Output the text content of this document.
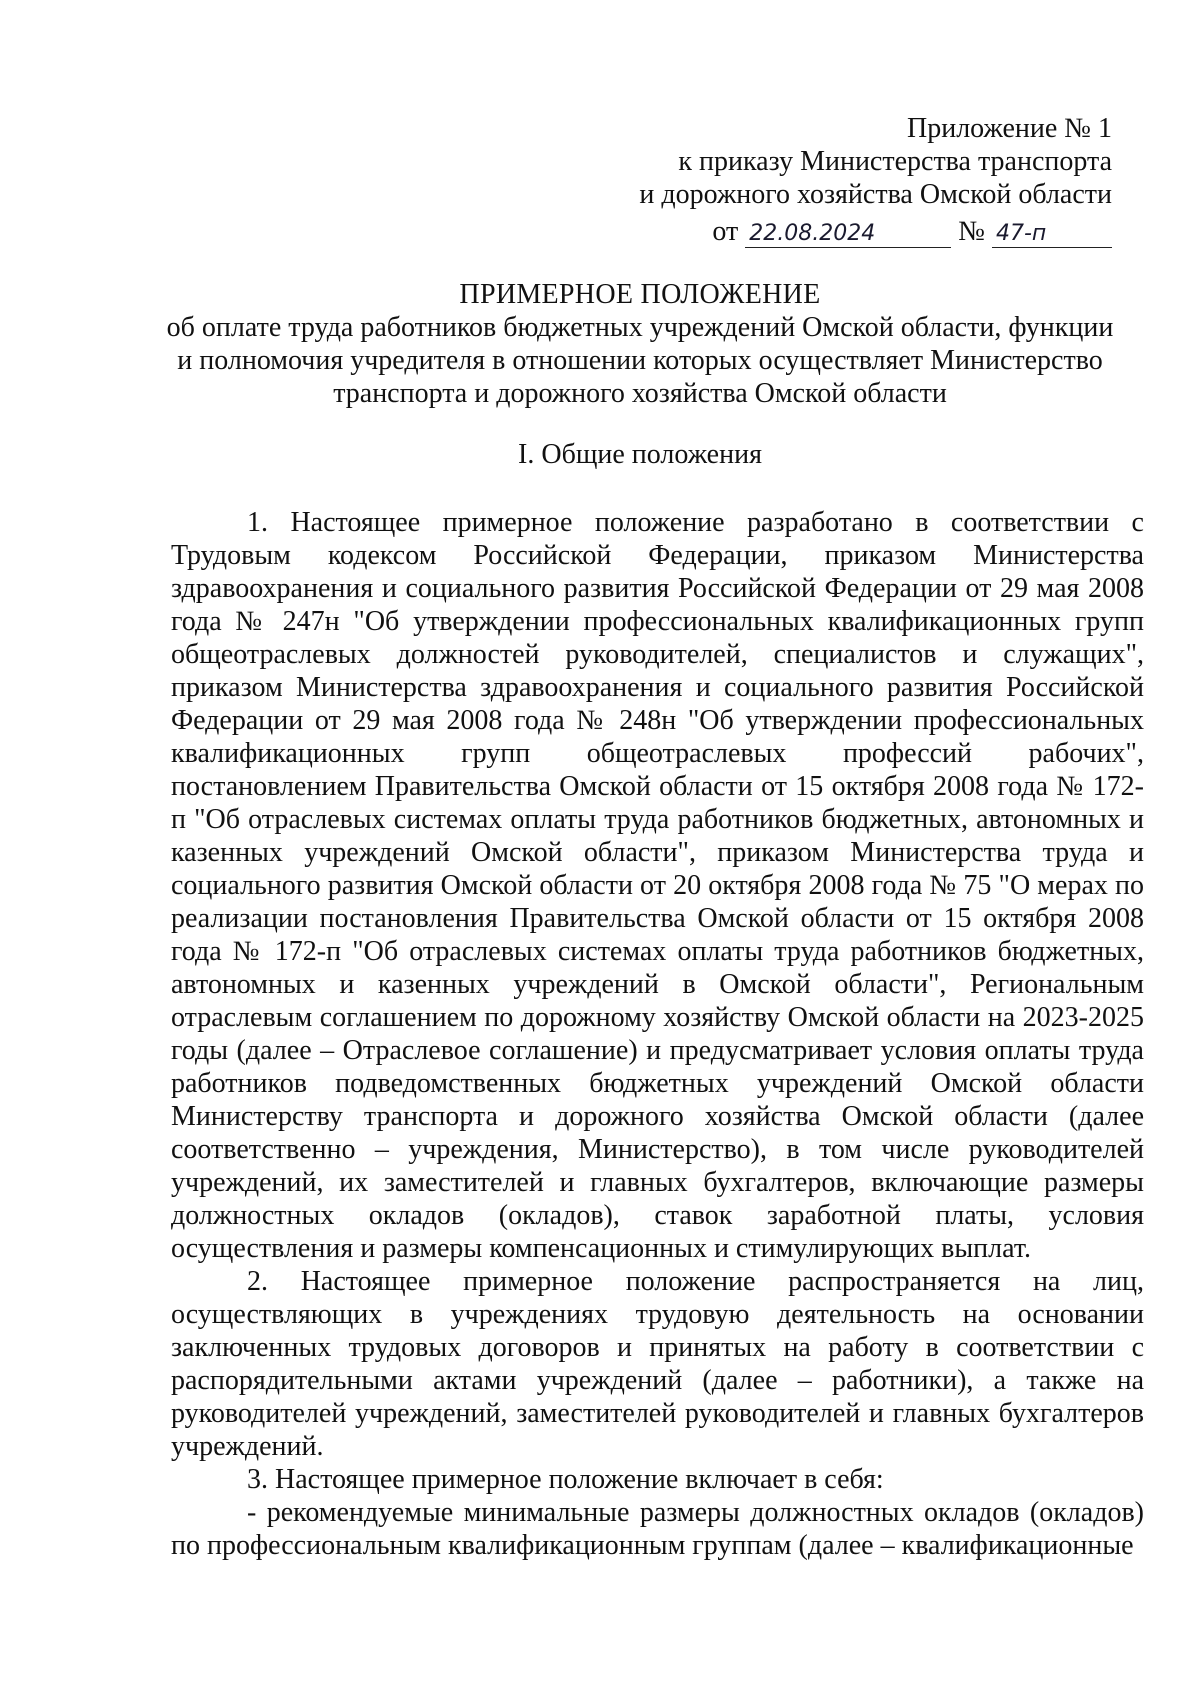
Приложение № 1
к приказу Министерства транспорта
и дорожного хозяйства Омской области
от 22.08.2024	№ 47-п
ПРИМЕРНОЕ ПОЛОЖЕНИЕ
об оплате труда работников бюджетных учреждений Омской области, функции
и полномочия учредителя в отношении которых осуществляет Министерство
транспорта и дорожного хозяйства Омской области
I. Общие положения

1. Настоящее примерное положение разработано в соответствии с Трудовым кодексом Российской Федерации, приказом Министерства здравоохранения и социального развития Российской Федерации от 29 мая 2008 года № 247н "Об утверждении профессиональных квалификационных групп общеотраслевых должностей руководителей, специалистов и служащих", приказом Министерства здравоохранения и социального развития Российской Федерации от 29 мая 2008 года № 248н "Об утверждении профессиональных квалификационных групп общеотраслевых профессий рабочих", постановлением Правительства Омской области от 15 октября 2008 года № 172-п "Об отраслевых системах оплаты труда работников бюджетных, автономных и казенных учреждений Омской области", приказом Министерства труда и социального развития Омской области от 20 октября 2008 года № 75 "О мерах по реализации постановления Правительства Омской области от 15 октября 2008 года № 172-п "Об отраслевых системах оплаты труда работников бюджетных, автономных и казенных учреждений в Омской области", Региональным отраслевым соглашением по дорожному хозяйству Омской области на 2023-2025 годы (далее – Отраслевое соглашение) и предусматривает условия оплаты труда работников подведомственных бюджетных учреждений Омской области Министерству транспорта и дорожного хозяйства Омской области (далее соответственно – учреждения, Министерство), в том числе руководителей учреждений, их заместителей и главных бухгалтеров, включающие размеры должностных окладов (окладов), ставок заработной платы, условия осуществления и размеры компенсационных и стимулирующих выплат.

2. Настоящее примерное положение распространяется на лиц, осуществляющих в учреждениях трудовую деятельность на основании заключенных трудовых договоров и принятых на работу в соответствии с распорядительными актами учреждений (далее – работники), а также на руководителей учреждений, заместителей руководителей и главных бухгалтеров учреждений.

3. Настоящее примерное положение включает в себя:

- рекомендуемые минимальные размеры должностных окладов (окладов) по профессиональным квалификационным группам (далее – квалификационные
